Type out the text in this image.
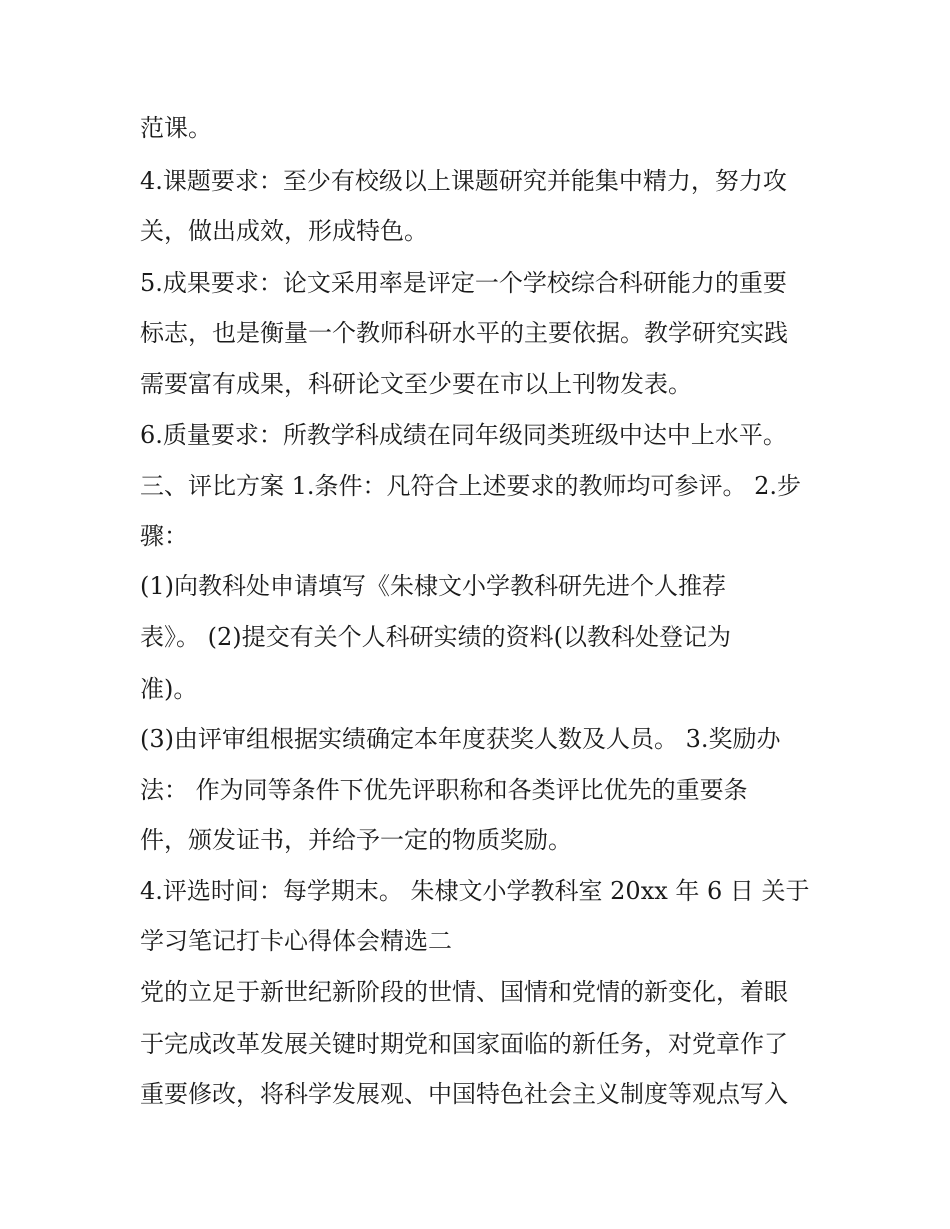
范课。
4.课题要求：至少有校级以上课题研究并能集中精力，努力攻
关，做出成效，形成特色。
5.成果要求：论文采用率是评定一个学校综合科研能力的重要
标志，也是衡量一个教师科研水平的主要依据。教学研究实践
需要富有成果，科研论文至少要在市以上刊物发表。
6.质量要求：所教学科成绩在同年级同类班级中达中上水平。
三、评比方案 1.条件：凡符合上述要求的教师均可参评。 2.步
骤：
(1)向教科处申请填写《朱棣文小学教科研先进个人推荐
表》。 (2)提交有关个人科研实绩的资料(以教科处登记为
准)。
(3)由评审组根据实绩确定本年度获奖人数及人员。 3.奖励办
法： 作为同等条件下优先评职称和各类评比优先的重要条
件，颁发证书，并给予一定的物质奖励。
4.评选时间：每学期末。 朱棣文小学教科室 20xx 年 6 日 关于
学习笔记打卡心得体会精选二
党的立足于新世纪新阶段的世情、国情和党情的新变化，着眼
于完成改革发展关键时期党和国家面临的新任务，对党章作了
重要修改，将科学发展观、中国特色社会主义制度等观点写入
